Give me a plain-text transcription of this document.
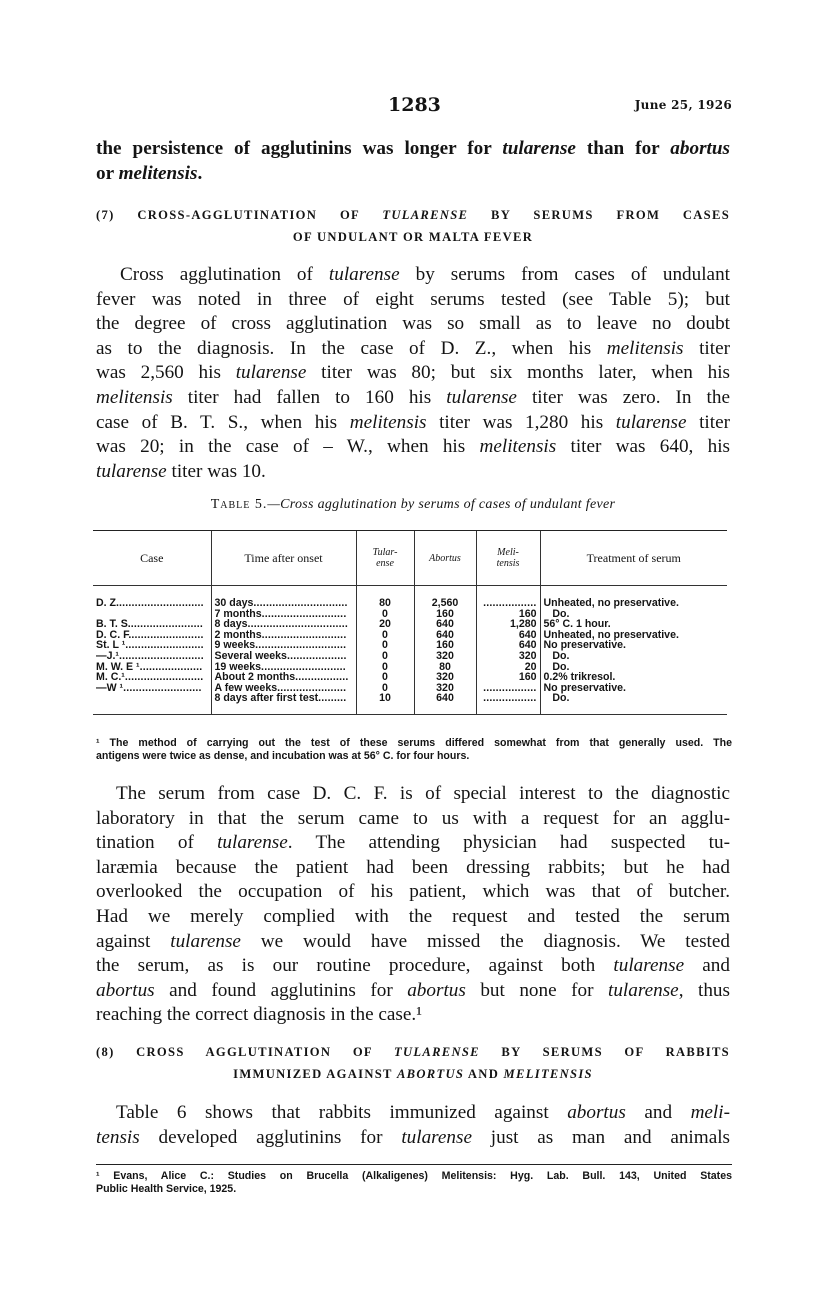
1283	June 25, 1926

the persistence of agglutinins was longer for tularense than for abortus
or melitensis.

(7) CROSS-AGGLUTINATION OF TULARENSE BY SERUMS FROM CASES
OF UNDULANT OR MALTA FEVER

Cross agglutination of tularense by serums from cases of undulant
fever was noted in three of eight serums tested (see Table 5); but
the degree of cross agglutination was so small as to leave no doubt
as to the diagnosis. In the case of D. Z., when his melitensis titer
was 2,560 his tularense titer was 80; but six months later, when his
melitensis titer had fallen to 160 his tularense titer was zero. In the
case of B. T. S., when his melitensis titer was 1,280 his tularense titer
was 20; in the case of – W., when his melitensis titer was 640, his
tularense titer was 10.

Table 5.—Cross agglutination by serums of cases of undulant fever
Case	Time after onset	Tular-
ense	Abortus	Meli-
tensis	Treatment of serum
D. Z............................	30 days..............................	80	2,560	.................	Unheated, no preservative.
	7 months...........................	0	160	160	Do.
B. T. S........................	8 days................................	20	640	1,280	56° C. 1 hour.
D. C. F........................	2 months...........................	0	640	640	Unheated, no preservative.
St. L ¹.........................	9 weeks.............................	0	160	640	No preservative.
—J.¹...........................	Several weeks...................	0	320	320	Do.
M. W. E ¹....................	19 weeks...........................	0	80	20	Do.
M. C.¹.........................	About 2 months.................	0	320	160	0.2% trikresol.
—W ¹.........................	A few weeks......................	0	320	.................	No preservative.
	8 days after first test.........	10	640	.................	Do.

¹ The method of carrying out the test of these serums differed somewhat from that generally used. The
antigens were twice as dense, and incubation was at 56° C. for four hours.

The serum from case D. C. F. is of special interest to the diagnostic
laboratory in that the serum came to us with a request for an agglu-
tination of tularense. The attending physician had suspected tu-
laræmia because the patient had been dressing rabbits; but he had
overlooked the occupation of his patient, which was that of butcher.
Had we merely complied with the request and tested the serum
against tularense we would have missed the diagnosis. We tested
the serum, as is our routine procedure, against both tularense and
abortus and found agglutinins for abortus but none for tularense, thus
reaching the correct diagnosis in the case.¹

(8) CROSS AGGLUTINATION OF TULARENSE BY SERUMS OF RABBITS
IMMUNIZED AGAINST ABORTUS AND MELITENSIS

Table 6 shows that rabbits immunized against abortus and meli-
tensis developed agglutinins for tularense just as man and animals

¹ Evans, Alice C.: Studies on Brucella (Alkaligenes) Melitensis: Hyg. Lab. Bull. 143, United States
Public Health Service, 1925.
